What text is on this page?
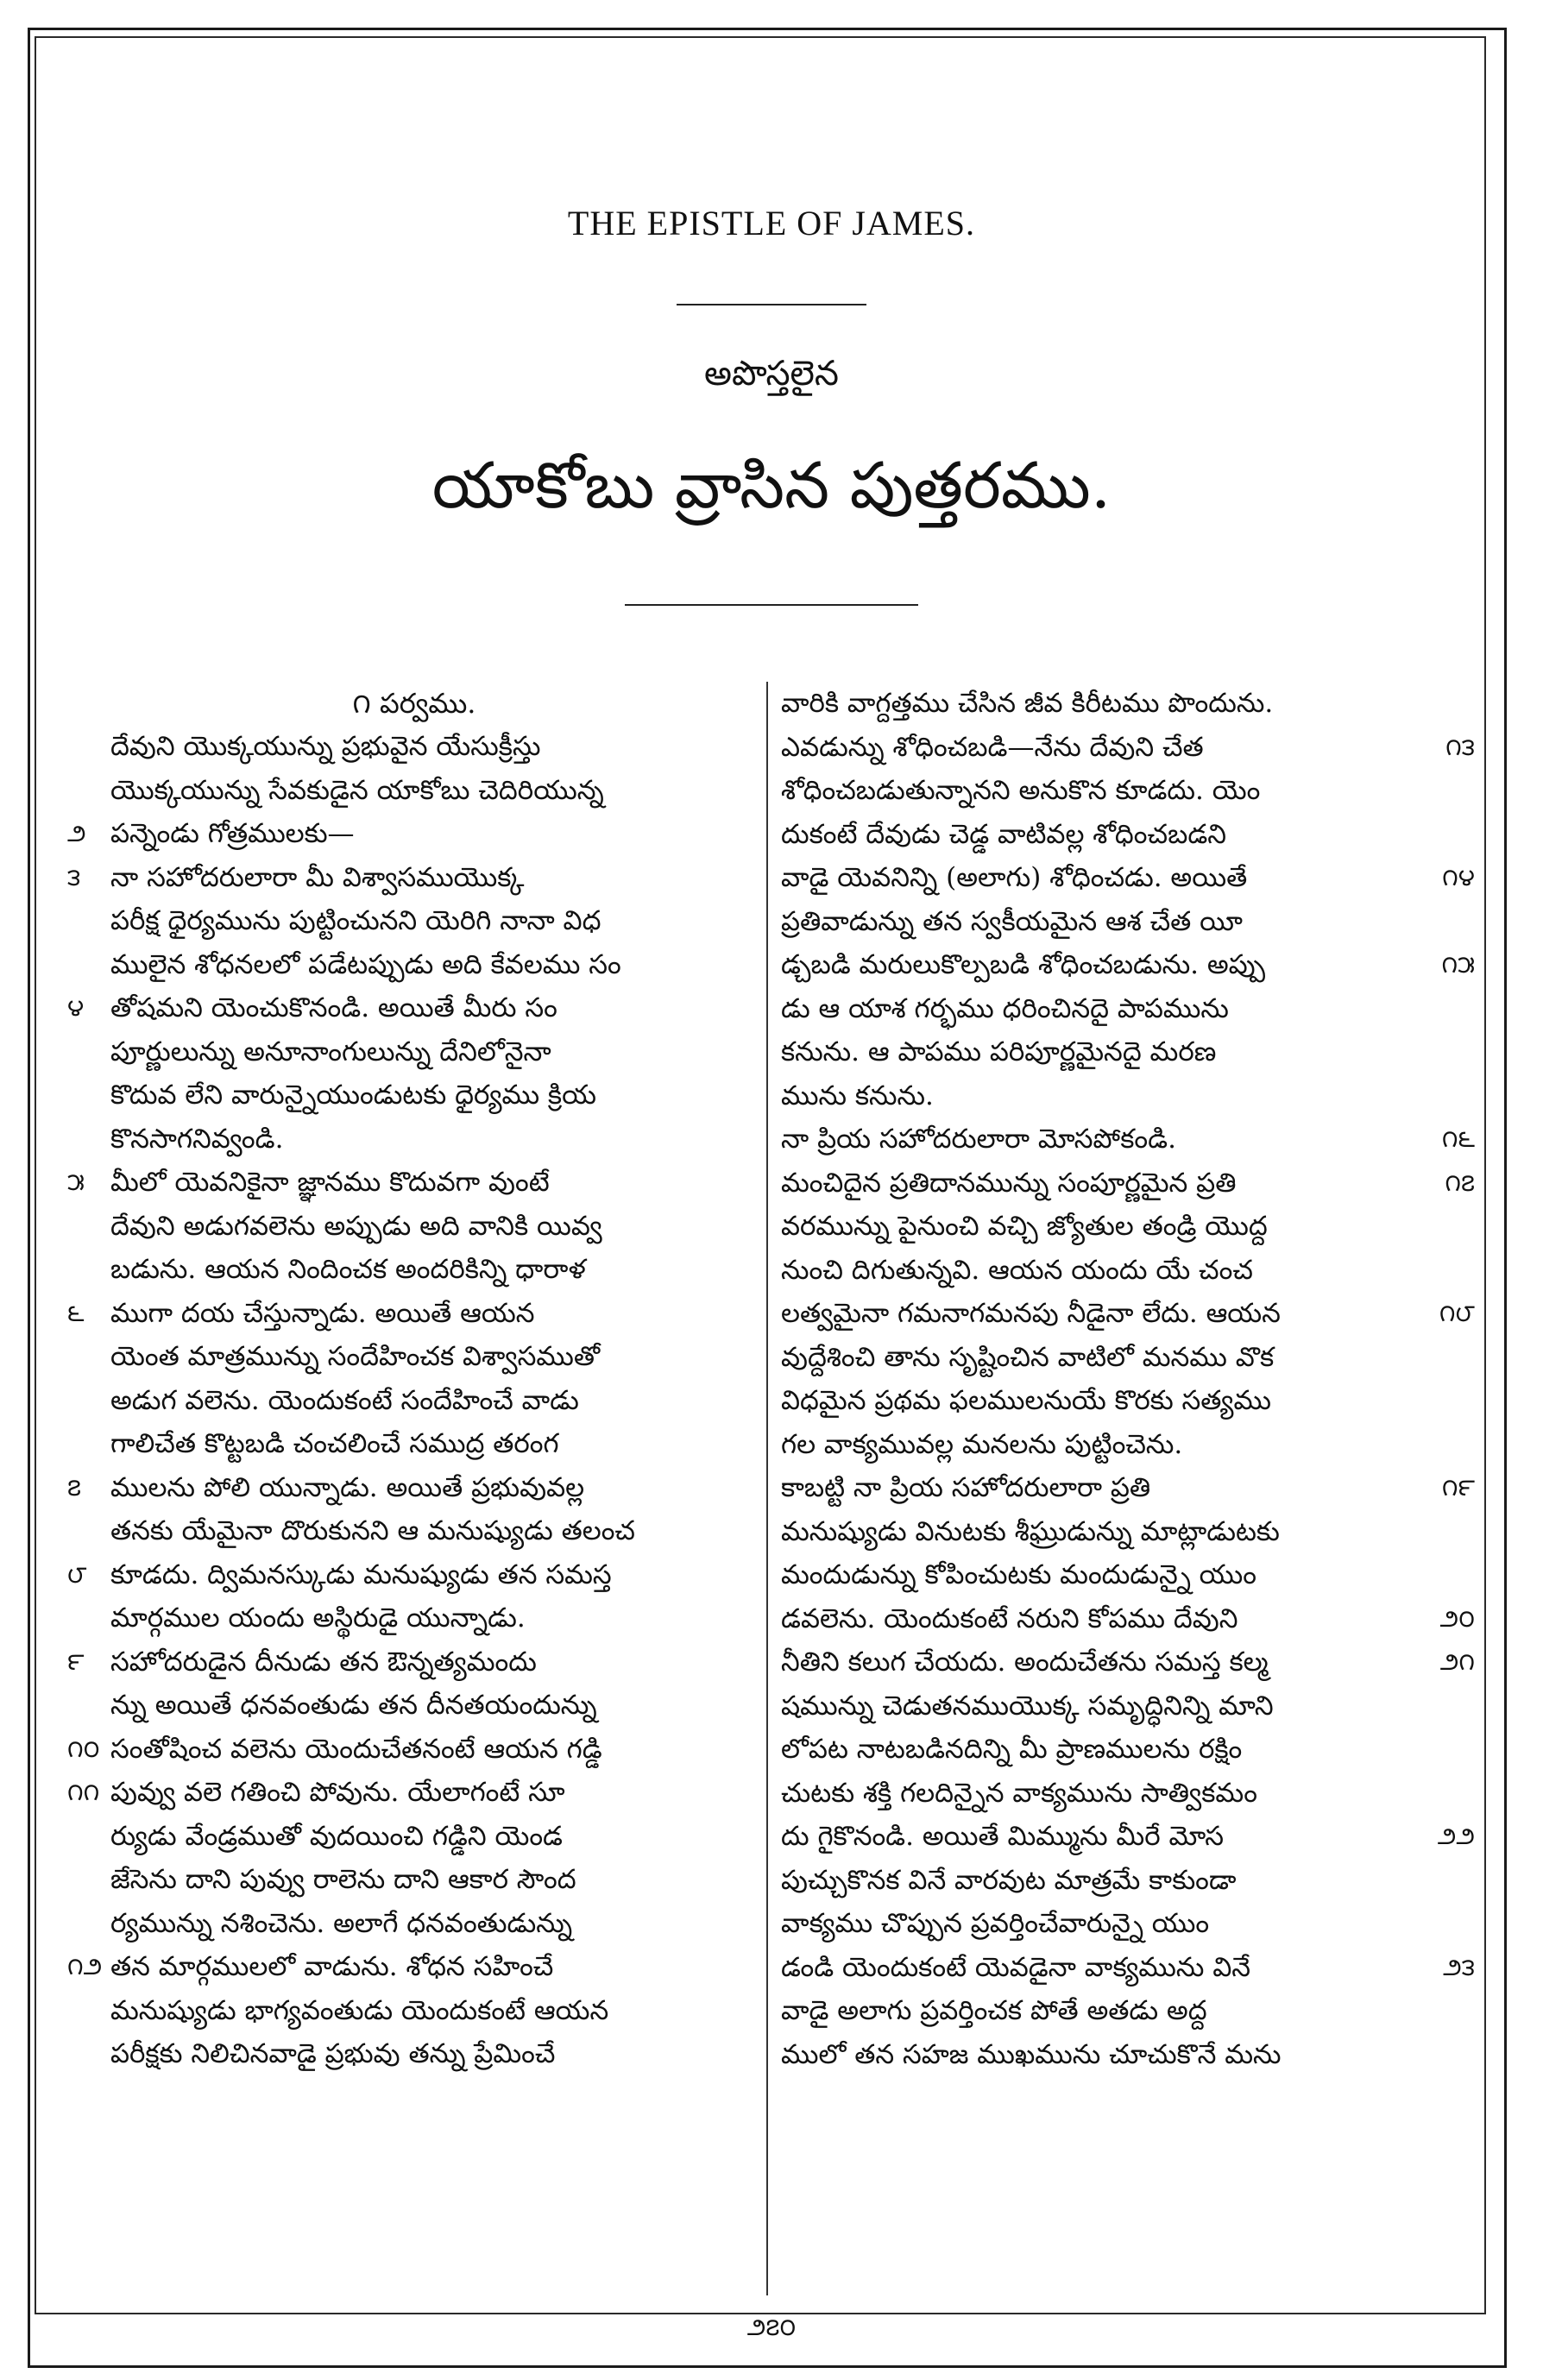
THE EPISTLE OF JAMES.
అపొస్తలైన
యాకోబు వ్రాసిన పుత్తరము.
౧ పర్వము.
దేవుని యొక్కయున్ను ప్రభువైన యేసుక్రీస్తు
యొక్కయున్ను సేవకుడైన యాకోబు చెదిరియున్న
౨ పన్నెండు గోత్రములకు—
౩ నా సహోదరులారా మీ విశ్వాసముయొక్క
పరీక్ష ధైర్యమును పుట్టించునని యెరిగి నానా విధ
ములైన శోధనలలో పడేటప్పుడు అది కేవలము సం
౪ తోషమని యెంచుకొనండి. అయితే మీరు సం
పూర్ణులున్ను అనూనాంగులున్ను దేనిలోనైనా
కొదువ లేని వారున్నైయుండుటకు ధైర్యము క్రియ
కొనసాగనివ్వండి.
౫ మీలో యెవనికైనా జ్ఞానము కొదువగా వుంటే
దేవుని అడుగవలెను అప్పుడు అది వానికి యివ్వ
బడును. ఆయన నిందించక అందరికిన్ని ధారాళ
౬ ముగా దయ చేస్తున్నాడు. అయితే ఆయన
యెంత మాత్రమున్ను సందేహించక విశ్వాసముతో
అడుగ వలెను. యెందుకంటే సందేహించే వాడు
గాలిచేత కొట్టబడి చంచలించే సముద్ర తరంగ
౭ ములను పోలి యున్నాడు. అయితే ప్రభువువల్ల
తనకు యేమైనా దొరుకునని ఆ మనుష్యుడు తలంచ
౮ కూడదు. ద్విమనస్కుడు మనుష్యుడు తన సమస్త
మార్గముల యందు అస్థిరుడై యున్నాడు.
౯ సహోదరుడైన దీనుడు తన ఔన్నత్యమందు
న్ను అయితే ధనవంతుడు తన దీనతయందున్ను
౧౦ సంతోషించ వలెను యెందుచేతనంటే ఆయన గడ్డి
౧౧ పువ్వు వలె గతించి పోవును. యేలాగంటే సూ
ర్యుడు వేండ్రముతో వుదయించి గడ్డిని యెండ
జేసెను దాని పువ్వు రాలెను దాని ఆకార సౌంద
ర్యమున్ను నశించెను. అలాగే ధనవంతుడున్ను
౧౨ తన మార్గములలో వాడును. శోధన సహించే
మనుష్యుడు భాగ్యవంతుడు యెందుకంటే ఆయన
పరీక్షకు నిలిచినవాడై ప్రభువు తన్ను ప్రేమించే
వారికి వాగ్దత్తము చేసిన జీవ కిరీటము పొందును.
౧౩
ఎవడున్ను శోధించబడి—నేను దేవుని చేత
శోధించబడుతున్నానని అనుకొన కూడదు. యెం
దుకంటే దేవుడు చెడ్డ వాటివల్ల శోధించబడని
౧౪
వాడై యెవనిన్ని (అలాగు) శోధించడు. అయితే
ప్రతివాడున్ను తన స్వకీయమైన ఆశ చేత యీ
౧౫
డ్చబడి మరులుకొల్పబడి శోధించబడును. అప్పు
డు ఆ యాశ గర్భము ధరించినదై పాపమును
కనును. ఆ పాపము పరిపూర్ణమైనదై మరణ
మును కనును.
౧౬
నా ప్రియ సహోదరులారా మోసపోకండి.
౧౭
మంచిదైన ప్రతిదానమున్ను సంపూర్ణమైన ప్రతి
వరమున్ను పైనుంచి వచ్చి జ్యోతుల తండ్రి యొద్ద
నుంచి దిగుతున్నవి. ఆయన యందు యే చంచ
౧౮
లత్వమైనా గమనాగమనపు నీడైనా లేదు. ఆయన
వుద్దేశించి తాను సృష్టించిన వాటిలో మనము వొక
విధమైన ప్రథమ ఫలములనుయే కొరకు సత్యము
గల వాక్యమువల్ల మనలను పుట్టించెను.
౧౯
కాబట్టి నా ప్రియ సహోదరులారా ప్రతి
మనుష్యుడు వినుటకు శీఘ్రుడున్ను మాట్లాడుటకు
మందుడున్ను కోపించుటకు మందుడున్నై యుం
౨౦
డవలెను. యెందుకంటే నరుని కోపము దేవుని
౨౧
నీతిని కలుగ చేయదు. అందుచేతను సమస్త కల్మ
షమున్ను చెడుతనముయొక్క సమృద్ధినిన్ని మాని
లోపట నాటబడినదిన్ని మీ ప్రాణములను రక్షిం
చుటకు శక్తి గలదిన్నైన వాక్యమును సాత్వికమం
౨౨
దు గైకొనండి. అయితే మిమ్మును మీరే మోస
పుచ్చుకొనక వినే వారవుట మాత్రమే కాకుండా
వాక్యము చొప్పున ప్రవర్తించేవారున్నై యుం
౨౩
డండి యెందుకంటే యెవడైనా వాక్యమును వినే
వాడై అలాగు ప్రవర్తించక పోతే అతడు అద్ద
ములో తన సహజ ముఖమును చూచుకొనే మను
౨౭౦
